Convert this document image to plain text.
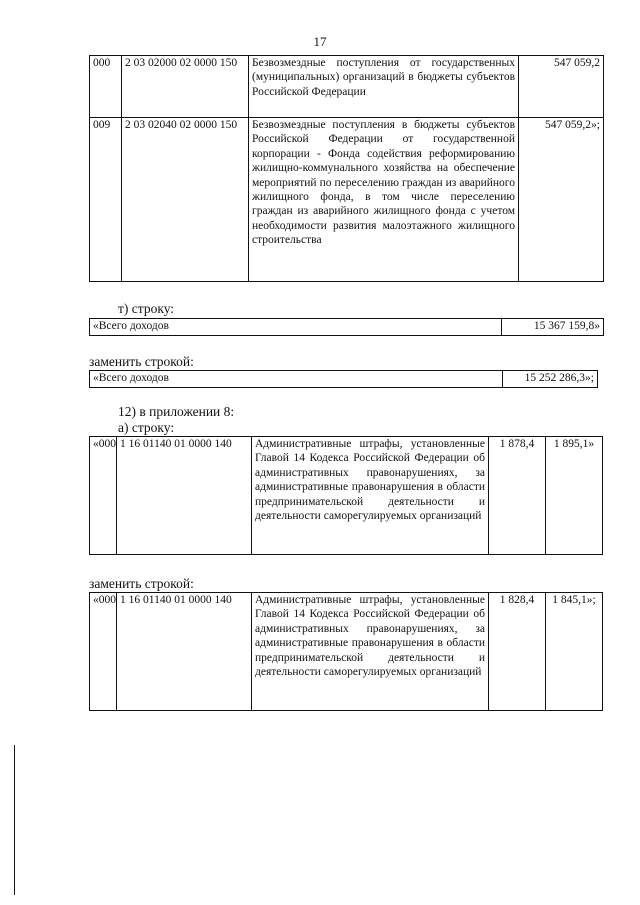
17
000	2 03 02000 02 0000 150	Безвозмездные поступления от государственных (муниципальных) организаций в бюджеты субъектов Российской Федерации	547 059,2
009	2 03 02040 02 0000 150	Безвозмездные поступления в бюджеты субъектов Российской Федерации от государственной корпорации - Фонда содействия реформированию жилищно-коммунального хозяйства на обеспечение мероприятий по переселению граждан из аварийного жилищного фонда, в том числе переселению граждан из аварийного жилищного фонда с учетом необходимости развития малоэтажного жилищного строительства	547 059,2»;
т) строку:
«Всего доходов	15 367 159,8»
заменить строкой:
«Всего доходов	15 252 286,3»;
12) в приложении 8:
а) строку:
«000	1 16 01140 01 0000 140	Административные штрафы, установленные Главой 14 Кодекса Российской Федерации об административных правонарушениях, за административные правонарушения в области предпринимательской деятельности и деятельности саморегулируемых организаций	1 878,4	1 895,1»
заменить строкой:
«000	1 16 01140 01 0000 140	Административные штрафы, установленные Главой 14 Кодекса Российской Федерации об административных правонарушениях, за административные правонарушения в области предпринимательской деятельности и деятельности саморегулируемых организаций	1 828,4	1 845,1»;
